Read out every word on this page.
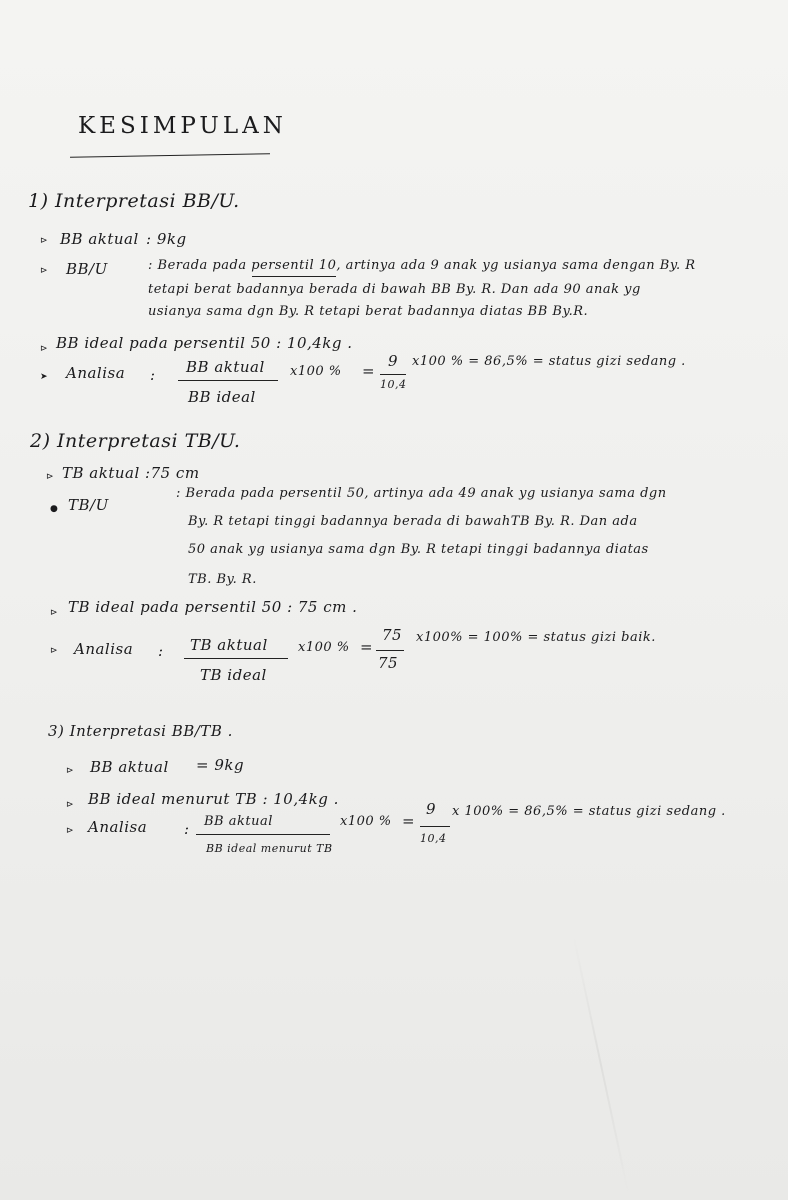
KESIMPULAN
1) Interpretasi BB/U.
⊳ BB aktual : 9kg
⊳ BB/U	: Berada pada persentil 10, artinya ada 9 anak yg usianya sama dengan By. R
tetapi berat badannya berada di bawah BB By. R. Dan ada 90 anak yg
usianya sama dgn By. R tetapi berat badannya diatas BB By.R.
⊳ BB ideal pada persentil 50 : 10,4kg .
➤ Analisa : BB aktual
BB ideal
x100 % =
9
10,4
x100 % = 86,5% = status gizi sedang .
2) Interpretasi TB/U.
⊳ TB aktual :75 cm
● TB/U
: Berada pada persentil 50, artinya ada 49 anak yg usianya sama dgn
By. R tetapi tinggi badannya berada di bawahTB By. R. Dan ada
50 anak yg usianya sama dgn By. R tetapi tinggi badannya diatas
TB. By. R.
⊳ TB ideal pada persentil 50 : 75 cm .
⊳ Analisa : TB aktual
TB ideal
x100 % =
75
75
x100% = 100% = status gizi baik.
3) Interpretasi BB/TB .
⊳ BB aktual = 9kg
⊳ BB ideal menurut TB : 10,4kg .
⊳ Analisa : BB aktual
BB ideal menurut TB
x100 % =
9
10,4
x 100% = 86,5% = status gizi sedang .
